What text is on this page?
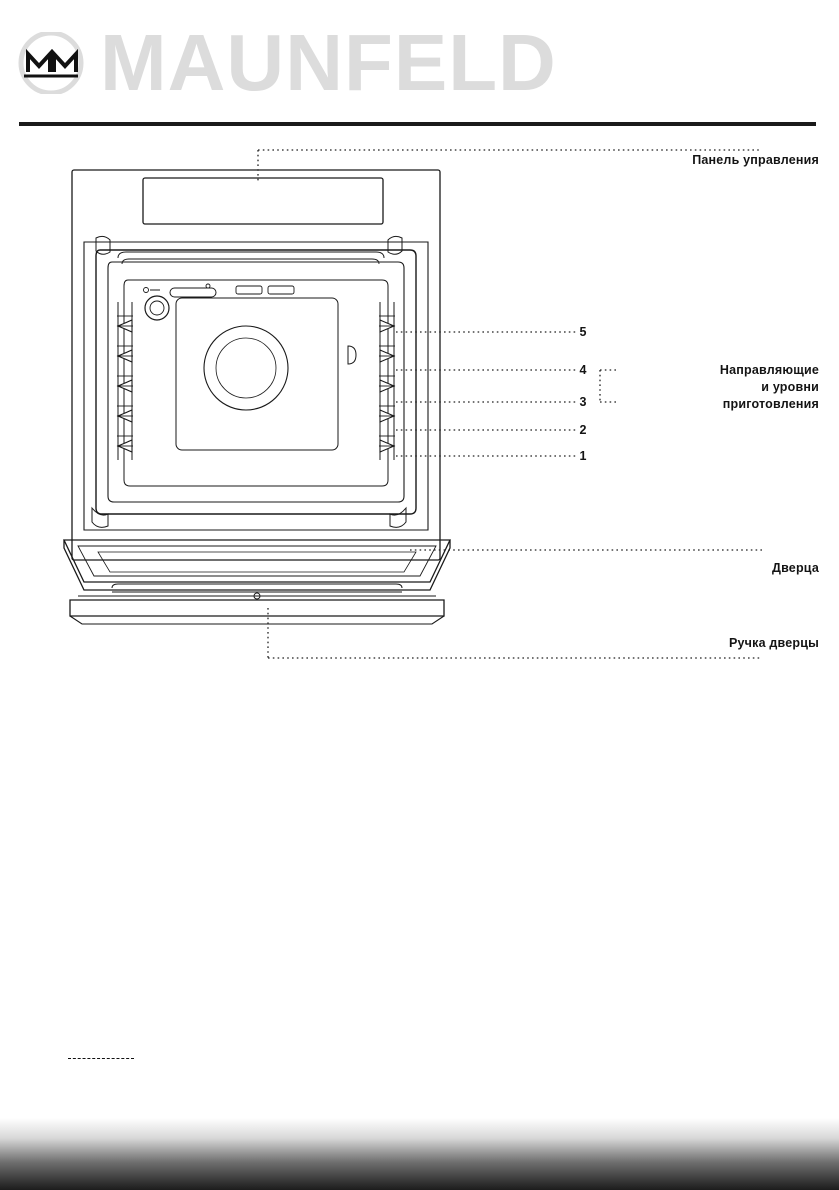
MAUNFELD
5
4
3
2
1
Панель управления
Направляющие
и уровни
приготовления
Дверца
Ручка дверцы
